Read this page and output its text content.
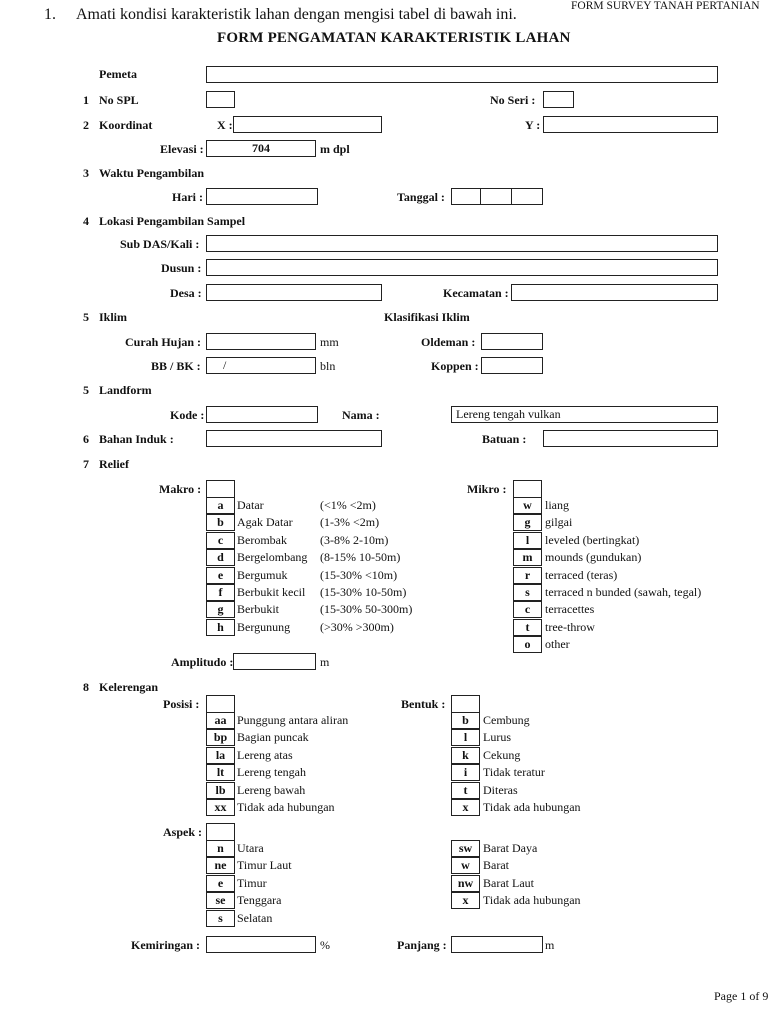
FORM SURVEY TANAH PERTANIAN
1. Amati kondisi karakteristik lahan dengan mengisi tabel di bawah ini.
FORM PENGAMATAN KARAKTERISTIK LAHAN
Pemeta
1 No SPL	No Seri :
2 Koordinat	X :	Y :
Elevasi :	704	m dpl
3 Waktu Pengambilan
Hari :	Tanggal :
4 Lokasi Pengambilan Sampel
Sub DAS/Kali :
Dusun :
Desa :	Kecamatan :
5 Iklim	Klasifikasi Iklim
Curah Hujan :	mm	Oldeman :
BB / BK :	/	bln	Koppen :
5 Landform
Kode :	Nama :	Lereng tengah vulkan
6 Bahan Induk :	Batuan :
7 Relief
Makro :
a	Datar	(<1% <2m)
b	Agak Datar (1-3% <2m)
c	Berombak	(3-8% 2-10m)
d	Bergelombang (8-15% 10-50m)
e	Bergumuk	(15-30% <10m)
f	Berbukit kecil (15-30% 10-50m)
g	Berbukit	(15-30% 50-300m)
h	Bergunung (>30% >300m)
Mikro :
w	liang
g	gilgai
l	leveled (bertingkat)
m	mounds (gundukan)
r	terraced (teras)
s	terraced n bunded (sawah, tegal)
c	terracettes
t	tree-throw
o	other
Amplitudo :	m
8 Kelerengan
Posisi :
aa Punggung antara aliran
bp Bagian puncak
la Lereng atas
lt	Lereng tengah
lb Lereng bawah
xx Tidak ada hubungan
Bentuk :
b	Cembung
l	Lurus
k	Cekung
i	Tidak teratur
t	Diteras
x	Tidak ada hubungan
Aspek :
n	Utara
ne Timur Laut
e	Timur
se Tenggara
s	Selatan
sw Barat Daya
w	Barat
nw Barat Laut
x	Tidak ada hubungan
Kemiringan :	%	Panjang :	m
Page 1 of 9
